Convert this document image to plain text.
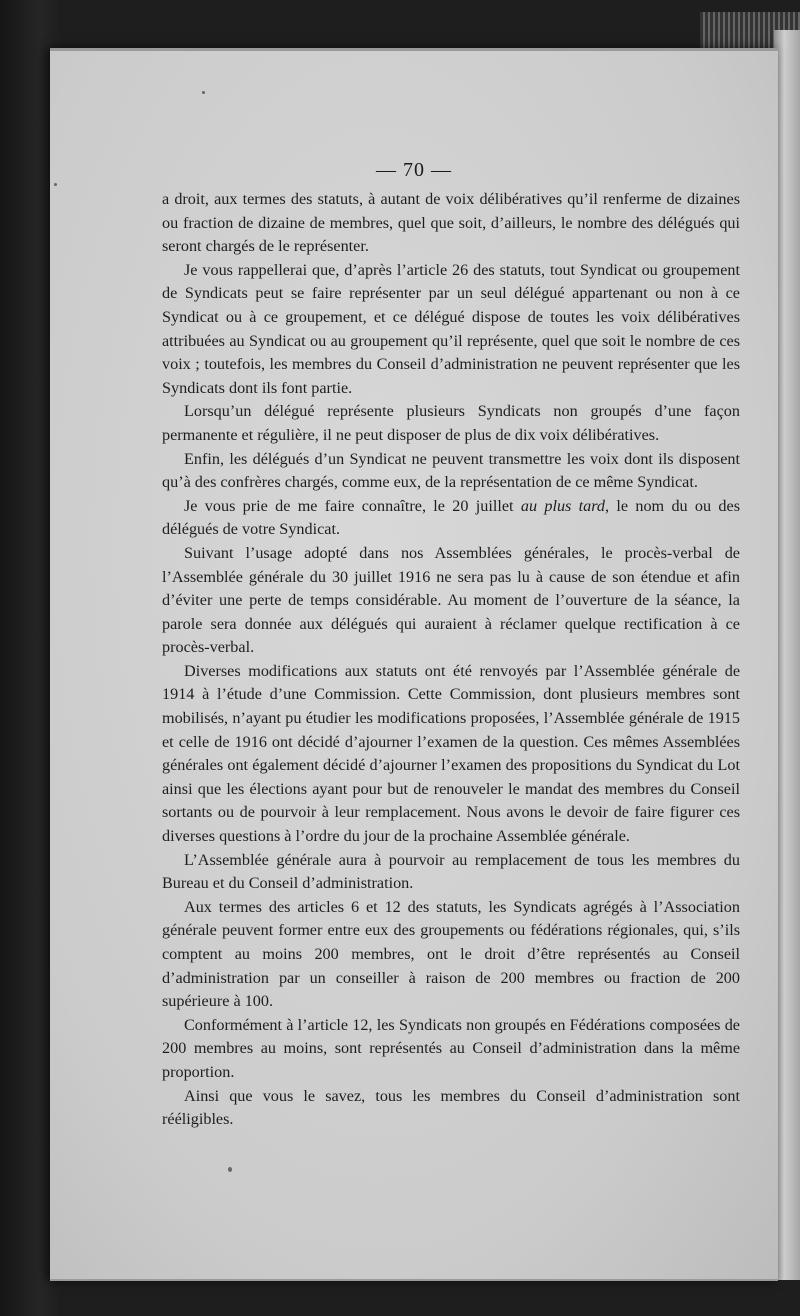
— 70 —

a droit, aux termes des statuts, à autant de voix délibératives qu’il renferme de dizaines ou fraction de dizaine de membres, quel que soit, d’ailleurs, le nombre des délégués qui seront chargés de le représenter.

Je vous rappellerai que, d’après l’article 26 des statuts, tout Syndicat ou groupement de Syndicats peut se faire représenter par un seul délégué appartenant ou non à ce Syndicat ou à ce groupement, et ce délégué dispose de toutes les voix délibératives attribuées au Syndicat ou au groupement qu’il représente, quel que soit le nombre de ces voix ; toutefois, les membres du Conseil d’administration ne peuvent représenter que les Syndicats dont ils font partie.

Lorsqu’un délégué représente plusieurs Syndicats non groupés d’une façon permanente et régulière, il ne peut disposer de plus de dix voix délibératives.

Enfin, les délégués d’un Syndicat ne peuvent transmettre les voix dont ils disposent qu’à des confrères chargés, comme eux, de la représentation de ce même Syndicat.

Je vous prie de me faire connaître, le 20 juillet au plus tard, le nom du ou des délégués de votre Syndicat.

Suivant l’usage adopté dans nos Assemblées générales, le procès-verbal de l’Assemblée générale du 30 juillet 1916 ne sera pas lu à cause de son étendue et afin d’éviter une perte de temps considérable. Au moment de l’ouverture de la séance, la parole sera donnée aux délégués qui auraient à réclamer quelque rectification à ce procès-verbal.

Diverses modifications aux statuts ont été renvoyés par l’Assemblée générale de 1914 à l’étude d’une Commission. Cette Commission, dont plusieurs membres sont mobilisés, n’ayant pu étudier les modifications proposées, l’Assemblée générale de 1915 et celle de 1916 ont décidé d’ajourner l’examen de la question. Ces mêmes Assemblées générales ont également décidé d’ajourner l’examen des propositions du Syndicat du Lot ainsi que les élections ayant pour but de renouveler le mandat des membres du Conseil sortants ou de pourvoir à leur remplacement. Nous avons le devoir de faire figurer ces diverses questions à l’ordre du jour de la prochaine Assemblée générale.

L’Assemblée générale aura à pourvoir au remplacement de tous les membres du Bureau et du Conseil d’administration.

Aux termes des articles 6 et 12 des statuts, les Syndicats agrégés à l’Association générale peuvent former entre eux des groupements ou fédérations régionales, qui, s’ils comptent au moins 200 membres, ont le droit d’être représentés au Conseil d’administration par un conseiller à raison de 200 membres ou fraction de 200 supérieure à 100.

Conformément à l’article 12, les Syndicats non groupés en Fédérations composées de 200 membres au moins, sont représentés au Conseil d’administration dans la même proportion.

Ainsi que vous le savez, tous les membres du Conseil d’administration sont rééligibles.
